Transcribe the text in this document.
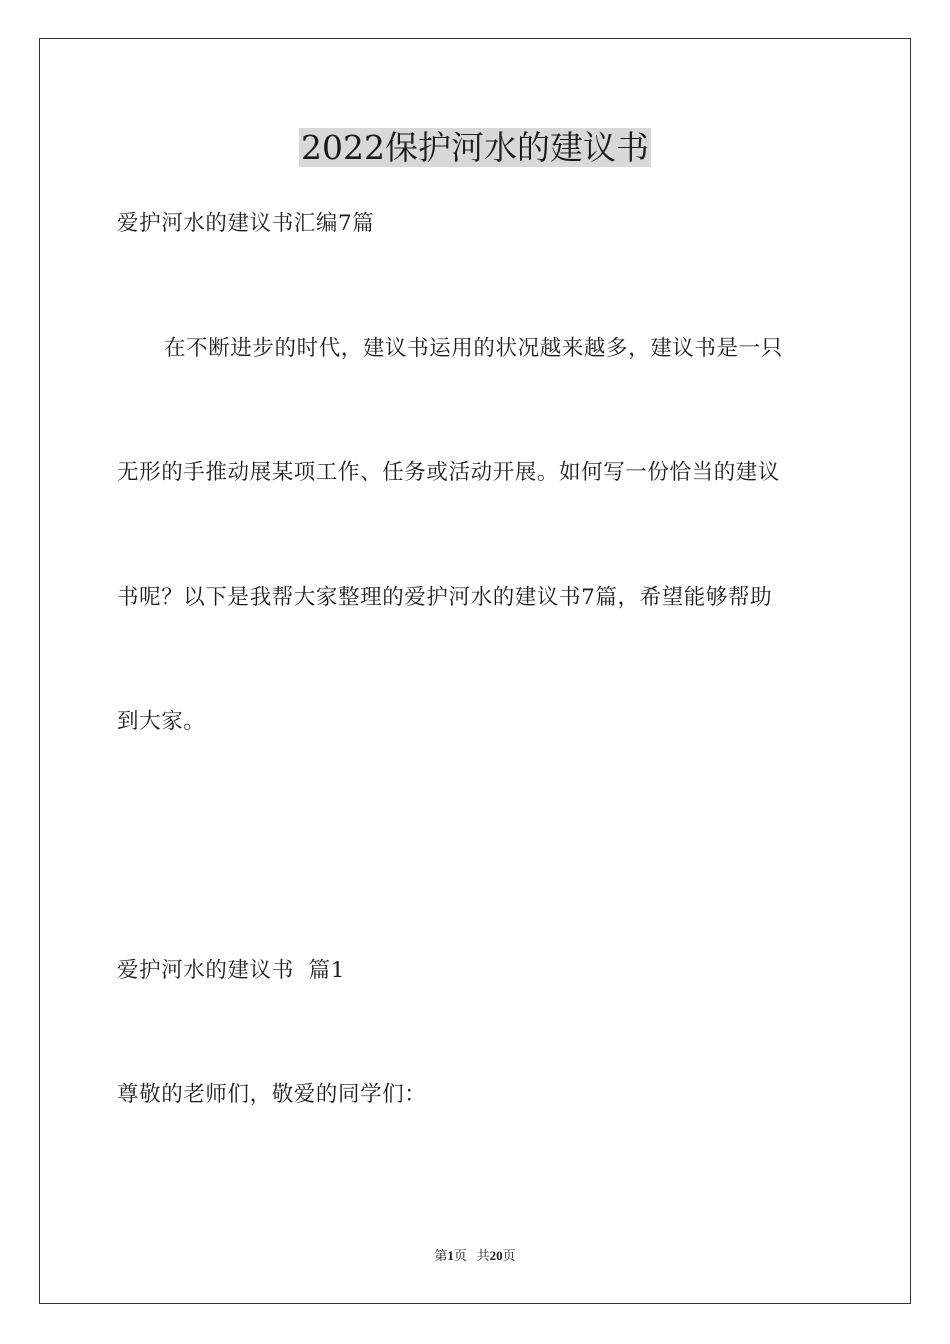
2022保护河水的建议书
爱护河水的建议书汇编7篇
在不断进步的时代，建议书运用的状况越来越多，建议书是一只
无形的手推动展某项工作、任务或活动开展。如何写一份恰当的建议
书呢？以下是我帮大家整理的爱护河水的建议书7篇，希望能够帮助
到大家。
爱护河水的建议书  篇1
尊敬的老师们，敬爱的同学们：
第1页   共20页
